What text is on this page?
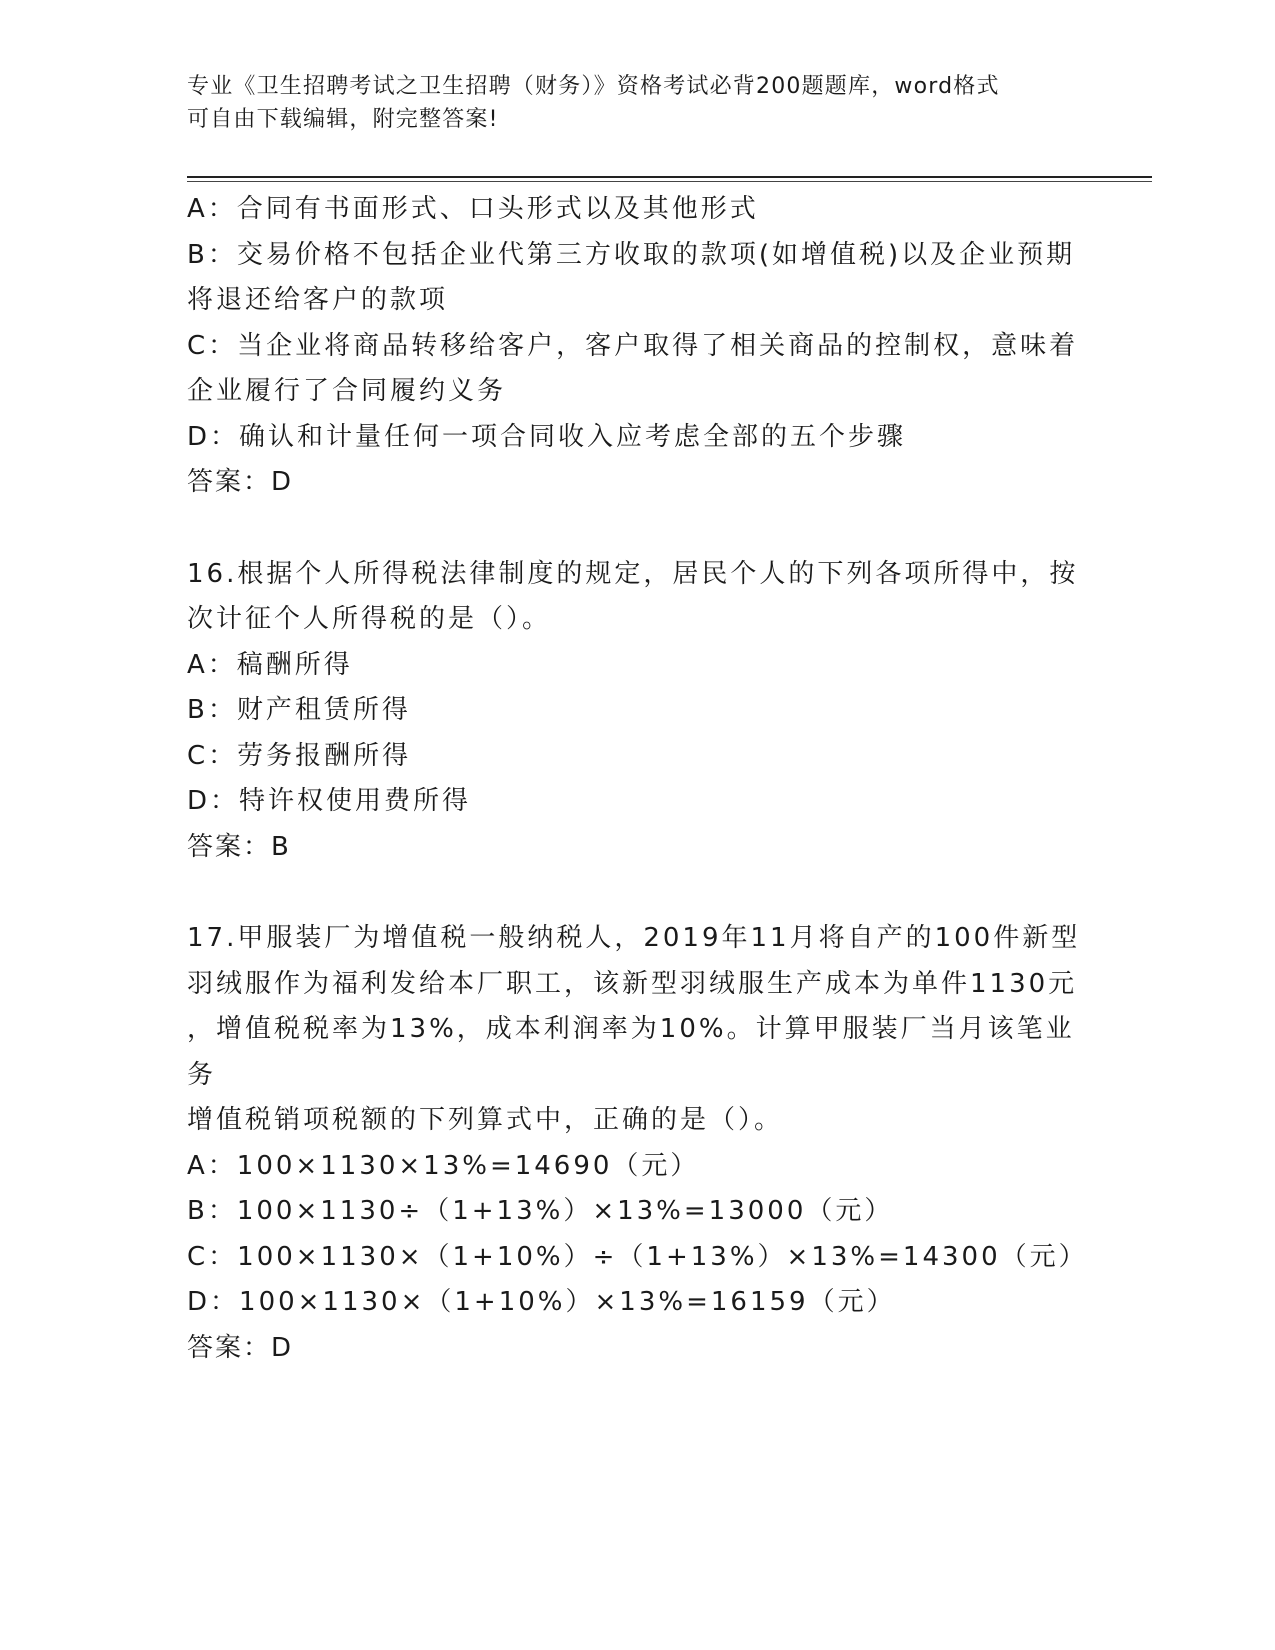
专业《卫生招聘考试之卫生招聘（财务）》资格考试必背200题题库，word格式
可自由下载编辑，附完整答案!

A：合同有书面形式、口头形式以及其他形式

B：交易价格不包括企业代第三方收取的款项(如增值税)以及企业预期

将退还给客户的款项

C：当企业将商品转移给客户，客户取得了相关商品的控制权，意味着

企业履行了合同履约义务

D：确认和计量任何一项合同收入应考虑全部的五个步骤

答案：D

16.根据个人所得税法律制度的规定，居民个人的下列各项所得中，按

次计征个人所得税的是（）。

A：稿酬所得

B：财产租赁所得

C：劳务报酬所得

D：特许权使用费所得

答案：B

17.甲服装厂为增值税一般纳税人，2019年11月将自产的100件新型

羽绒服作为福利发给本厂职工，该新型羽绒服生产成本为单件1130元

，增值税税率为13%，成本利润率为10%。计算甲服装厂当月该笔业务

增值税销项税额的下列算式中，正确的是（）。

A：100×1130×13%=14690（元）

B：100×1130÷（1+13%）×13%=13000（元）

C：100×1130×（1+10%）÷（1+13%）×13%=14300（元）

D：100×1130×（1+10%）×13%=16159（元）

答案：D
